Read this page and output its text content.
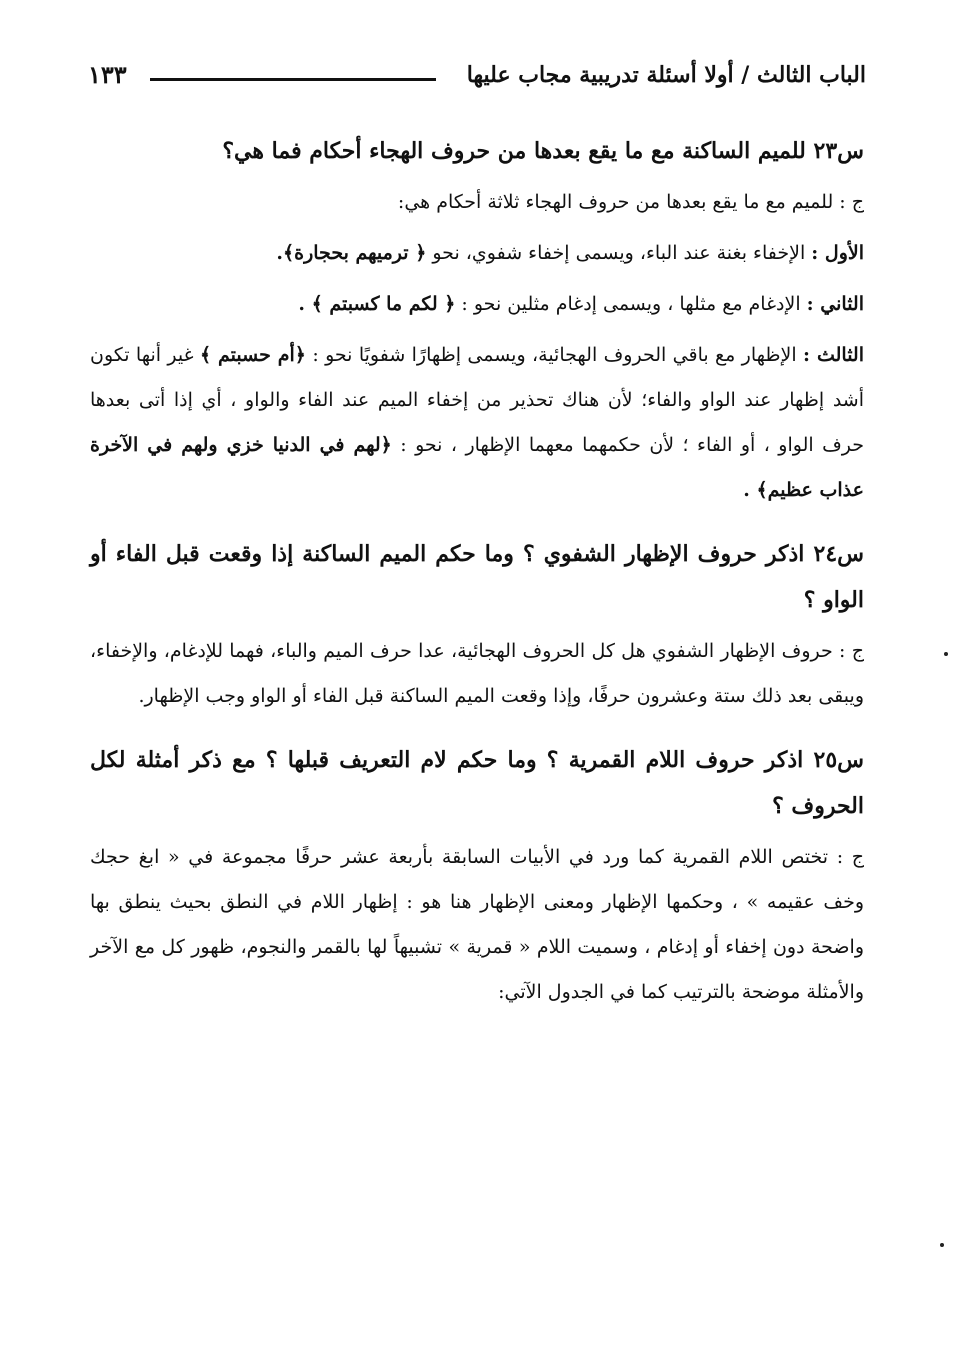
الباب الثالث / أولا أسئلة تدريبية مجاب عليها
١٣٣
س٢٣ للميم الساكنة مع ما يقع بعدها من حروف الهجاء أحكام فما هي؟
ج : للميم مع ما يقع بعدها من حروف الهجاء ثلاثة أحكام هي:
الأول : الإخفاء بغنة عند الباء، ويسمى إخفاء شفوي، نحو ﴿ ترميهم بحجارة﴾.
الثاني : الإدغام مع مثلها ، ويسمى إدغام مثلين نحو : ﴿ لكم ما كسبتم ﴾ .
الثالث : الإظهار مع باقي الحروف الهجائية، ويسمى إظهارًا شفويًا نحو : ﴿أم حسبتم ﴾ غير أنها تكون أشد إظهار عند الواو والفاء؛ لأن هناك تحذير من إخفاء الميم عند الفاء والواو ، أي إذا أتى بعدها حرف الواو ، أو الفاء ؛ لأن حكمهما معهما الإظهار ، نحو : ﴿لهم في الدنيا خزي ولهم في الآخرة عذاب عظيم﴾ .
س٢٤ اذكر حروف الإظهار الشفوي ؟ وما حكم الميم الساكنة إذا وقعت قبل الفاء أو الواو ؟
ج : حروف الإظهار الشفوي هل كل الحروف الهجائية، عدا حرف الميم والباء، فهما للإدغام، والإخفاء، ويبقى بعد ذلك ستة وعشرون حرفًا، وإذا وقعت الميم الساكنة قبل الفاء أو الواو وجب الإظهار.
س٢٥ اذكر حروف اللام القمرية ؟ وما حكم لام التعريف قبلها ؟ مع ذكر أمثلة لكل الحروف ؟
ج : تختص اللام القمرية كما ورد في الأبيات السابقة بأربعة عشر حرفًا مجموعة في « ابغ حجك وخف عقيمه » ، وحكمها الإظهار ومعنى الإظهار هنا هو : إظهار اللام في النطق بحيث ينطق بها واضحة دون إخفاء أو إدغام ، وسميت اللام « قمرية » تشبيهاً لها بالقمر والنجوم، ظهور كل مع الآخر والأمثلة موضحة بالترتيب كما في الجدول الآتي:
